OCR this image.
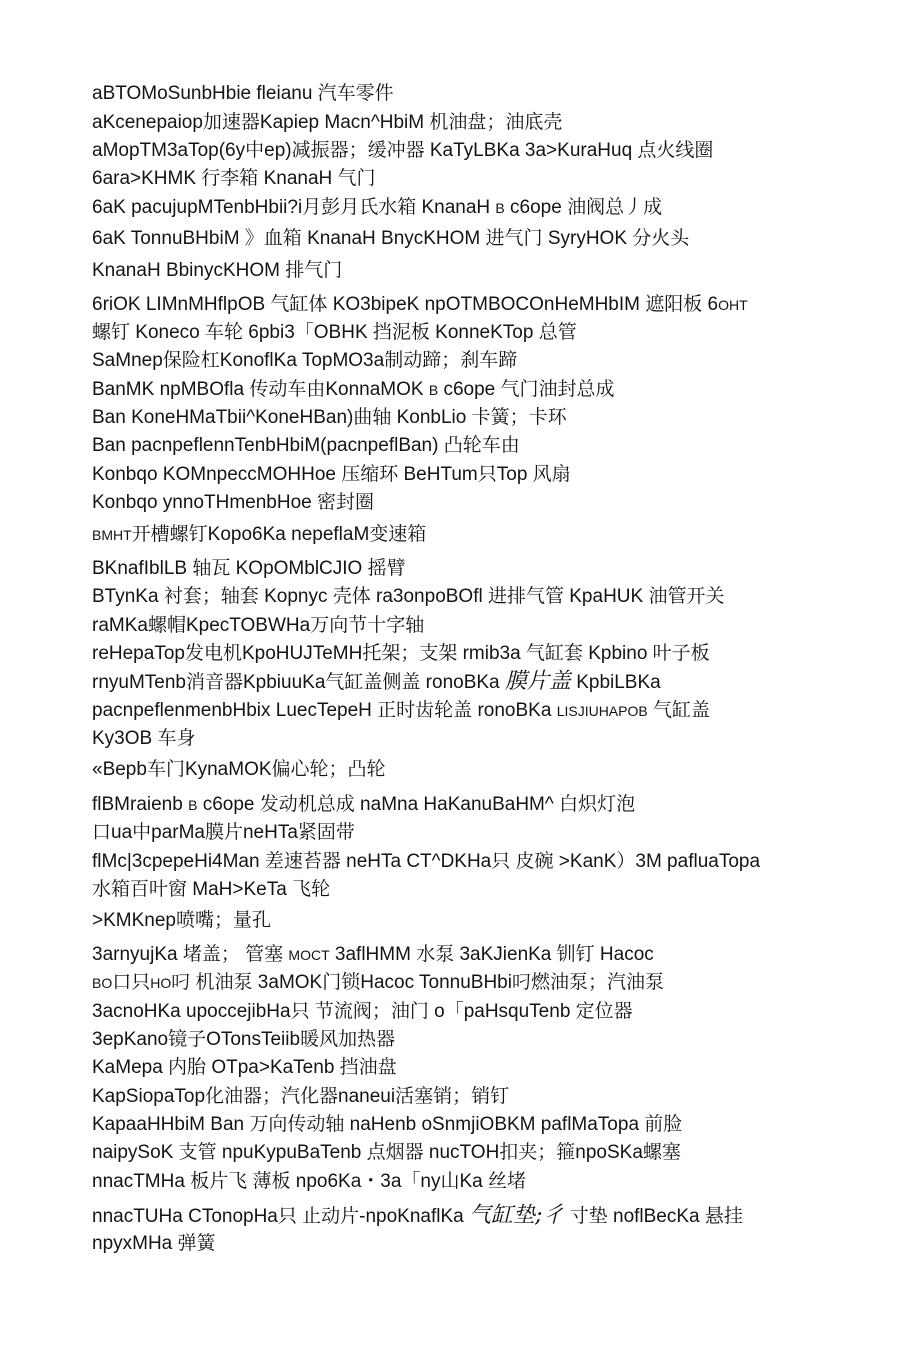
aBTOMoSunbHbie fleianu 汽车零件
aKcenepaiop加速器Kapiep Macn^HbiM 机油盘；油底壳
aMopTM3aTop(6y中ep)减振器；缓冲器 KaTyLBKa 3a>KuraHuq 点火线圈
6ara>KHMK 行李箱 KnanaH 气门
6aK pacujupMTenbHbii?i月彭月氏水箱 KnanaH B c6ope 油阀总丿成
6aK TonnuBHbiM 》血箱 KnanaH BnycKHOM 进气门 SyryHOK 分火头
KnanaH BbinycKHOM 排气门
6riOK LIMnMHflpOB 气缸体 KO3bipeK npOTMBOCOnHeMHbIM 遮阳板 6OHT
螺钉 Koneco 车轮 6pbi3「OBHK 挡泥板 KonneKTop 总管
SaMnep保险杠KonoflKa TopMO3a制动蹄；刹车蹄
BanMK npMBOfla 传动车由KonnaMOK B c6ope 气门油封总成
Ban KoneHMaTbii^KoneHBan)曲轴 KonbLio 卡簧；卡环
Ban pacnpeflennTenbHbiM(pacnpeflBan) 凸轮车由
Konbqo KOMnpeccMOHHoe 压缩环 BeHTum只Top 风扇
Konbqo ynnoTHmenbHoe 密封圈
BMHT开槽螺钉Kopo6Ka nepeflaM变速箱
BKnafIblLB 轴瓦 KOpOMblCJIO 摇臂
BTynKa 衬套；轴套 Kopnyc 壳体 ra3onpoBOfl 进排气管 KpaHUK 油管开关
raMKa螺帽KpecTOBWHa万向节十字轴
reHepaTop发电机KpoHUJTeMH托架；支架 rmib3a 气缸套 Kpbino 叶子板
rnyuMTenb消音器KpbiuuKa气缸盖侧盖 ronoBKa 膜片盖 KpbiLBKa
pacnpeflenmenbHbix LuecTepeH 正时齿轮盖 ronoBKa LISJIUHAPOB 气缸盖
Ky3OB 车身
«Bepb车门KynaMOK偏心轮；凸轮
flBMraienb B c6ope 发动机总成 naMna HaKanuBaHM^ 白炽灯泡
口ua中parMa膜片neHTa紧固带
flMc|3cpepeHi4Man 差速苔器 neHTa CT^DKHa只 皮碗 >KanK）3M pafluaTopa
水箱百叶窗 MaH>KeTa 飞轮
>KMKnep喷嘴；量孔
3arnyujKa 堵盖； 管塞 MOCT 3aflHMM 水泵 3aKJienKa 钏钉 Hacoc
BO口只HO叼 机油泵 3aMOK门锁Hacoc TonnuBHbi叼燃油泵；汽油泵
3acnoHKa upoccejibHa只 节流阀；油门 o「paHsquTenb 定位器
3epKano镜子OTonsTeiib暖风加热器
KaMepa 内胎 OTpa>KaTenb 挡油盘
KapSiopaTop化油器；汽化器naneui活塞销；销钉
KapaaHHbiM Ban 万向传动轴 naHenb oSnmjiOBKM paflMaTopa 前脸
naipySoK 支管 npuKypuBaTenb 点烟器 nucTOH扣夹；箍npoSKa螺塞
nnacTMHa 板片飞 薄板 npo6Ka・3a「ny山Ka 丝堵
nnacTUHa CTonopHa只 止动片-npoKnaflKa 气缸垫;彳 寸垫 noflBecKa 悬挂
npyxMHa 弹簧
